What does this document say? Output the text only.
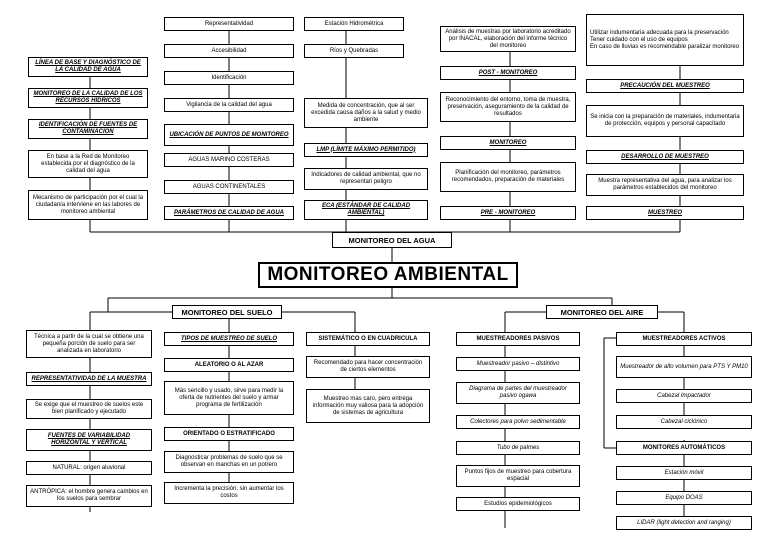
LÍNEA DE BASE Y DIAGNÓSTICO DE LA CALIDAD DE AGUA
MONITOREO DE LA CALIDAD DE LOS RECURSOS HÍDRICOS
IDENTIFICACIÓN DE FUENTES DE CONTAMINACIÓN
En base a la Red de Monitoreo establecida por el diagnóstico de la calidad del agua
Mecanismo de participación por el cual la ciudadanía interviene en las labores de monitoreo ambiental
Representatividad
Accesibilidad
Identificación
Vigilancia de la calidad del agua
UBICACIÓN DE PUNTOS DE MONITOREO
AGUAS MARINO COSTERAS
AGUAS CONTINENTALES
PARÁMETROS DE CALIDAD DE AGUA
Estación Hidrométrica
Ríos y Quebradas
Medida de concentración, que al ser excedida causa daños a la salud y medio ambiente
LMP (LÍMITE MÁXIMO PERMITIDO)
Indicadores de calidad ambiental, que no representan peligro
ECA (ESTÁNDAR DE CALIDAD AMBIENTAL)
Análisis de muestras por laboratorio acreditado por INACAL, elaboración del informe técnico del monitoreo
POST - MONITOREO
Reconocimiento del entorno, toma de muestra, preservación, aseguramiento de la calidad de resultados
MONITOREO
Planificación del monitoreo, parámetros recomendados, preparación de materiales
PRE - MONITOREO
Utilizar indumentaria adecuada para la preservación
Tener cuidado con el uso de equipos
En caso de lluvias es recomendable paralizar monitoreo
PRECAUCIÓN DEL MUESTREO
Se inicia con la preparación de materiales, indumentaria de protección, equipos y personal capacitado
DESARROLLO DE MUESTREO
Muestra representativa del agua, para analizar los parámetros establecidos del monitoreo
MUESTREO
MONITOREO DEL AGUA
MONITOREO AMBIENTAL
MONITOREO DEL SUELO
Técnica a partir de la cual se obtiene una pequeña porción de suelo para ser analizada en laboratorio
REPRESENTATIVIDAD DE LA MUESTRA
Se exige que el muestreo de suelos este bien planificado y ejecutado
FUENTES DE VARIABILIDAD HORIZONTAL Y VERTICAL
NATURAL: origen aluvional
ANTRÓPICA: el hombre genera cambios en los suelos para sembrar
TIPOS DE MUESTREO DE SUELO
ALEATORIO O AL AZAR
Más sencillo y usado, sirve para medir la oferta de nutrientes del suelo y armar programa de fertilización
ORIENTADO O ESTRATIFICADO
Diagnosticar problemas de suelo que se observan en manchas en un potrero
Incrementa la precisión, sin aumentar los costos
SISTEMÁTICO O EN CUADRICULA
Recomendado para hacer concentración de ciertos elementos
Muestreo mas caro, pero entrega información muy valiosa para la adopción de sistemas de agricultura
MONITOREO DEL AIRE
MUESTREADORES PASIVOS
Muestreador pasivo – distintivo
Diagrama de partes del muestreador pasivo ogawa
Colectores para polvo sedimentable
Tubo de palmes
Puntos fijos de muestreo para cobertura espacial
Estudios epidemiológicos
MUESTREADORES ACTIVOS
Muestreador de alto volumen para PTS Y PM10
Cabezal Impactador
Cabezal ciclónico
MONITORES AUTOMÁTICOS
Estación móvil
Equipo DOAS
LIDAR (light detection and ranging)
